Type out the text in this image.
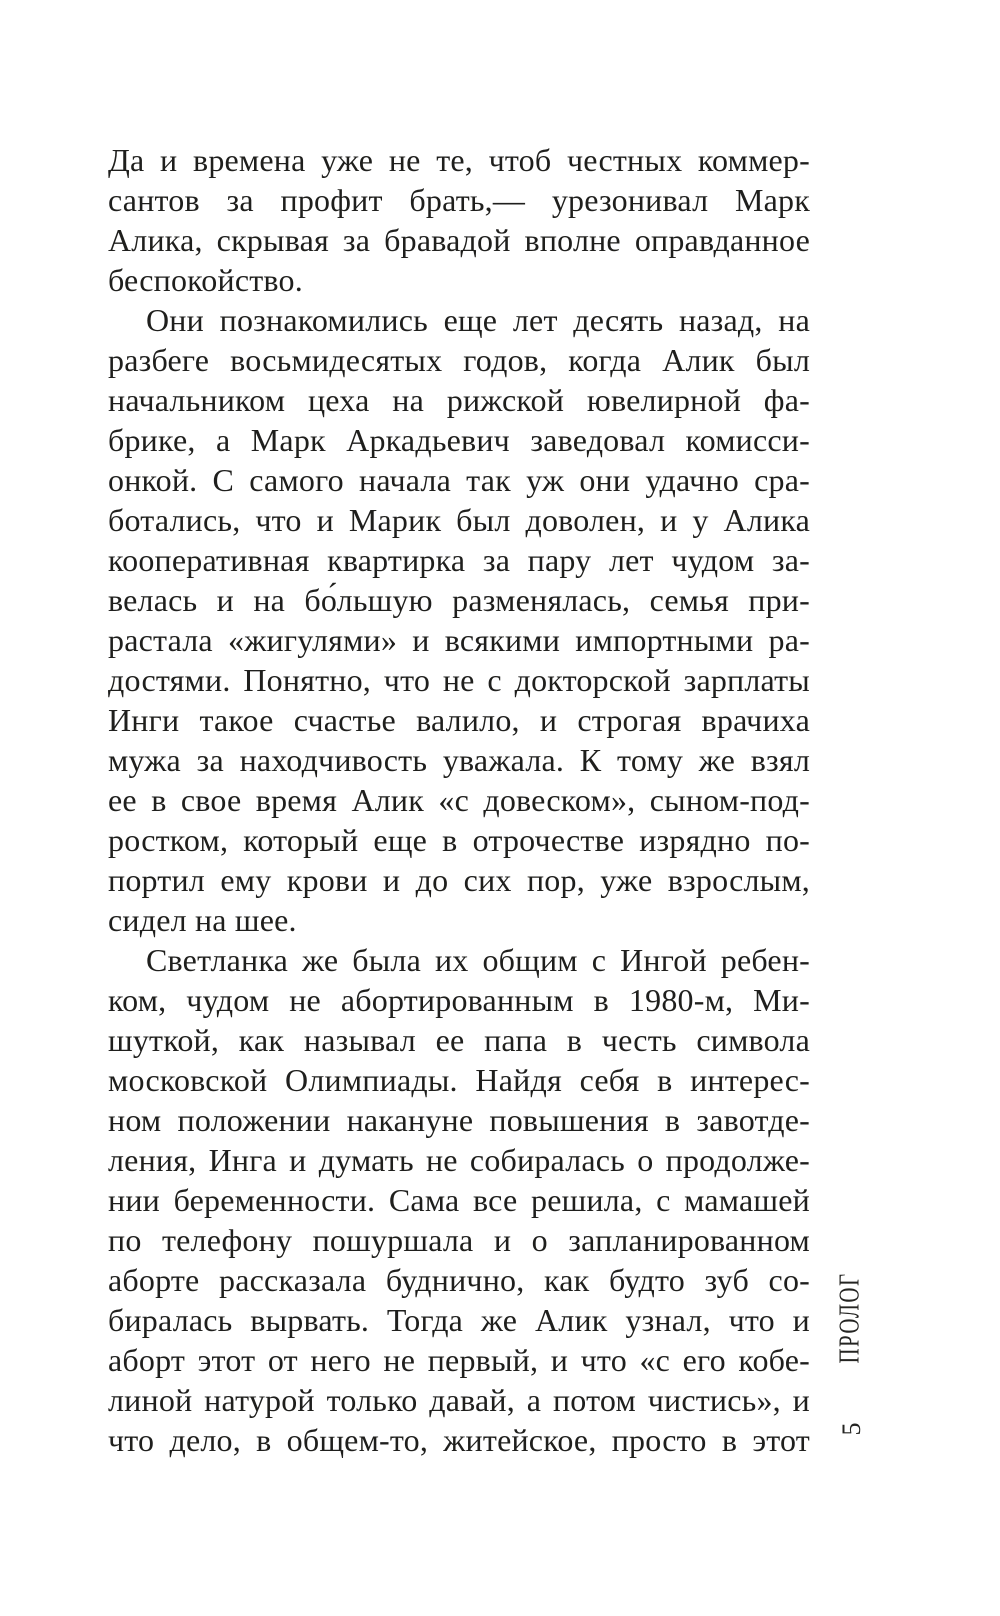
Да и времена уже не те, чтоб честных коммер-
сантов за профит брать,— урезонивал Марк
Алика, скрывая за бравадой вполне оправданное
беспокойство.
Они познакомились еще лет десять назад, на
разбеге восьмидесятых годов, когда Алик был
начальником цеха на рижской ювелирной фа-
брике, а Марк Аркадьевич заведовал комисси-
онкой. С самого начала так уж они удачно сра-
ботались, что и Марик был доволен, и у Алика
кооперативная квартирка за пару лет чудом за-
велась и на бо́льшую разменялась, семья при-
растала «жигулями» и всякими импортными ра-
достями. Понятно, что не с докторской зарплаты
Инги такое счастье валило, и строгая врачиха
мужа за находчивость уважала. К тому же взял
ее в свое время Алик «с довеском», сыном-под-
ростком, который еще в отрочестве изрядно по-
портил ему крови и до сих пор, уже взрослым,
сидел на шее.
Светланка же была их общим с Ингой ребен-
ком, чудом не абортированным в 1980-м, Ми-
шуткой, как называл ее папа в честь символа
московской Олимпиады. Найдя себя в интерес-
ном положении накануне повышения в завотде-
ления, Инга и думать не собиралась о продолже-
нии беременности. Сама все решила, с мамашей
по телефону пошуршала и о запланированном
аборте рассказала буднично, как будто зуб со-
биралась вырвать. Тогда же Алик узнал, что и
аборт этот от него не первый, и что «с его кобе-
линой натурой только давай, а потом чистись», и
что дело, в общем-то, житейское, просто в этот
ПРОЛОГ
5
